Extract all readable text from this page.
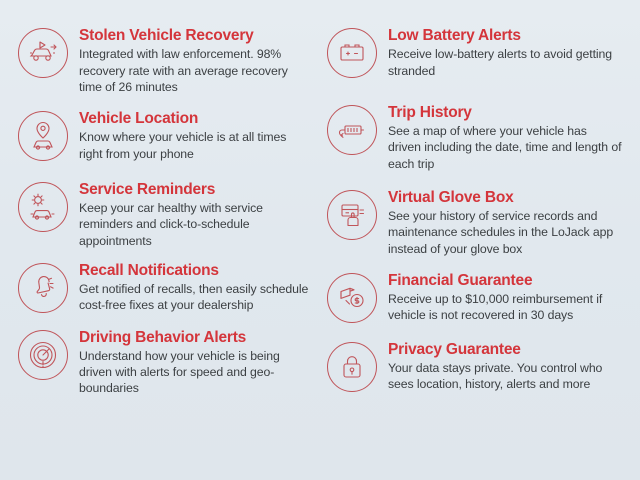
Stolen Vehicle Recovery

Integrated with law enforcement. 98% recovery rate with an average recovery time of 26 minutes

Vehicle Location

Know where your vehicle is at all times right from your phone

Service Reminders

Keep your car healthy with service reminders and click-to-schedule appointments

Recall Notifications

Get notified of recalls, then easily schedule cost-free fixes at your dealership

Driving Behavior Alerts

Understand how your vehicle is being driven with alerts for speed and geo-boundaries

Low Battery Alerts

Receive low-battery alerts to avoid getting stranded

Trip History

See a map of where your vehicle has driven including the date, time and length of each trip

Virtual Glove Box

See your history of service records and maintenance schedules in the LoJack app instead of your glove box

Financial Guarantee

Receive up to $10,000 reimbursement if vehicle is not recovered in 30 days

Privacy Guarantee

Your data stays private. You control who sees location, history, alerts and more
